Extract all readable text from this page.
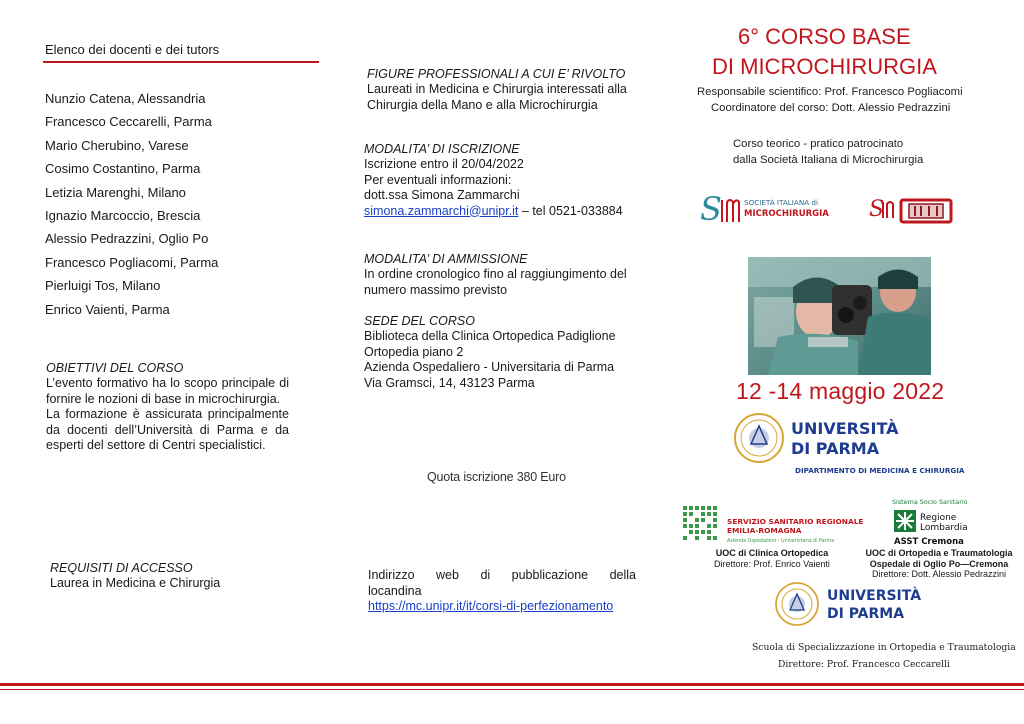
Elenco dei docenti e dei tutors
Nunzio Catena, Alessandria
Francesco Ceccarelli, Parma
Mario Cherubino, Varese
Cosimo Costantino, Parma
Letizia Marenghi, Milano
Ignazio Marcoccio, Brescia
Alessio Pedrazzini, Oglio Po
Francesco Pogliacomi, Parma
Pierluigi Tos, Milano
Enrico Vaienti, Parma
OBIETTIVI DEL CORSO
L’evento formativo ha lo scopo principale di fornire le nozioni di base in microchirurgia.
La formazione è assicurata principalmente da docenti dell’Università di Parma e da esperti del settore di Centri specialistici.
REQUISITI DI ACCESSO
Laurea in Medicina e Chirurgia
FIGURE PROFESSIONALI A CUI E’ RIVOLTO
Laureati in Medicina e Chirurgia interessati alla Chirurgia della Mano e alla Microchirurgia
MODALITA’ DI ISCRIZIONE
Iscrizione entro il 20/04/2022
Per eventuali informazioni:
dott.ssa Simona Zammarchi
simona.zammarchi@unipr.it – tel 0521-033884
MODALITA’ DI AMMISSIONE
In ordine cronologico fino al raggiungimento del numero massimo previsto
SEDE DEL CORSO
Biblioteca della Clinica Ortopedica Padiglione
Ortopedia piano 2
Azienda Ospedaliero - Universitaria di Parma
Via Gramsci, 14, 43123 Parma
Quota iscrizione 380 Euro
Indirizzo web di pubblicazione della
locandina
https://mc.unipr.it/it/corsi-di-perfezionamento
6° CORSO BASE
DI MICROCHIRURGIA
Responsabile scientifico: Prof. Francesco Pogliacomi
Coordinatore del corso: Dott. Alessio Pedrazzini
Corso teorico - pratico patrocinato
dalla Società Italiana di Microchirurgia
S	SOCIETÀ ITALIANA di
MICROCHIRURGIA S
12 -14 maggio 2022
UNIVERSITÀ
DI PARMA
DIPARTIMENTO DI MEDICINA E CHIRURGIA
SERVIZIO SANITARIO REGIONALE
EMILIA-ROMAGNA
Azienda Ospedaliero - Universitaria di Parma
Sistema Socio Sanitario
Regione
Lombardia
ASST Cremona
UOC di Clinica Ortopedica
Direttore: Prof. Enrico Vaienti
UOC di Ortopedia e Traumatologia
Ospedale di Oglio Po—Cremona
Direttore: Dott. Alessio Pedrazzini
UNIVERSITÀ
DI PARMA
Scuola di Specializzazione in Ortopedia e Traumatologia
Direttore: Prof. Francesco Ceccarelli
